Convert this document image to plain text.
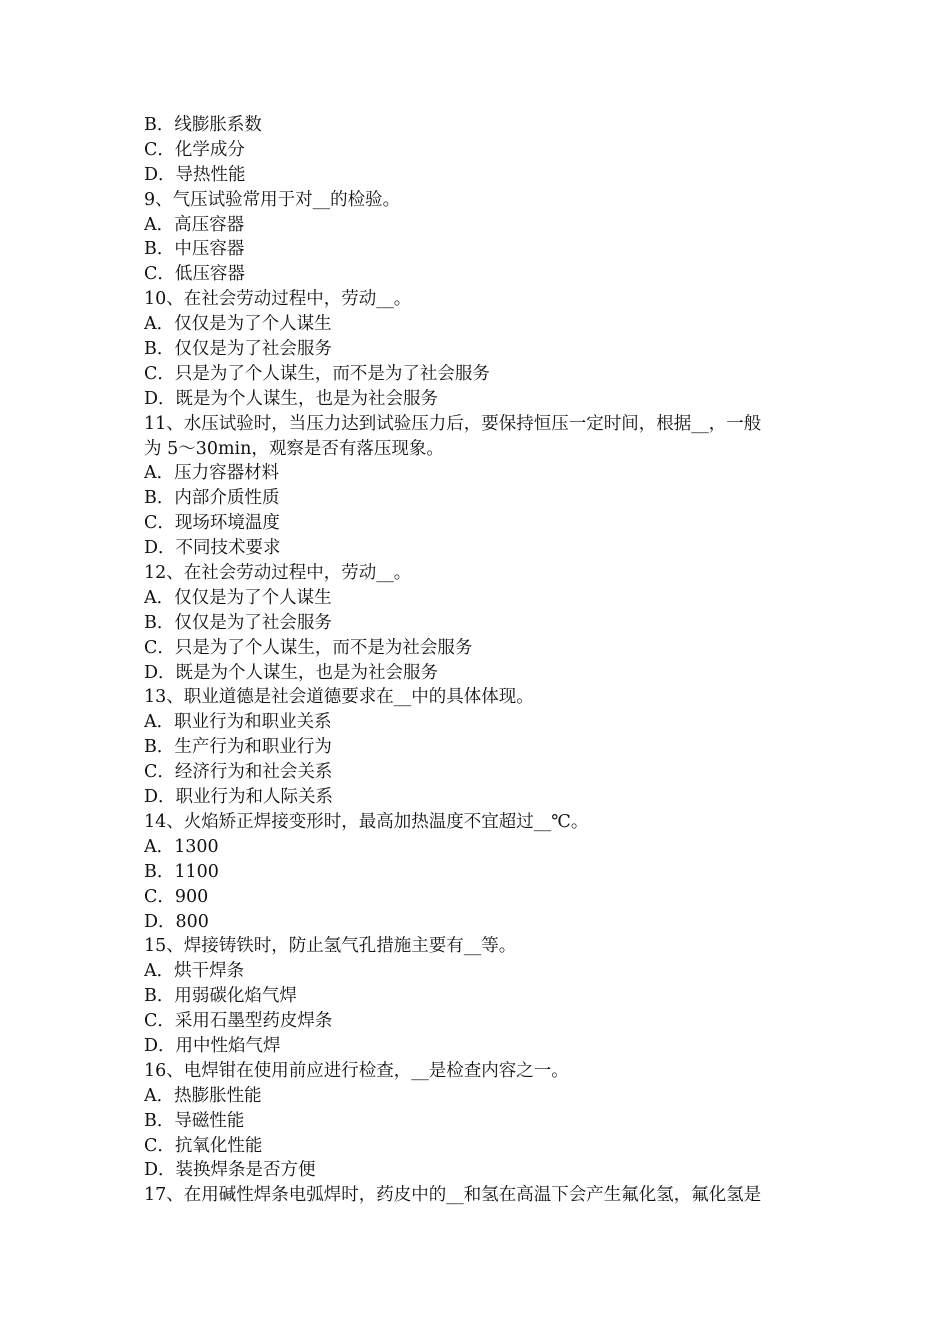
B．线膨胀系数
C．化学成分
D．导热性能
9、气压试验常用于对__的检验。
A．高压容器
B．中压容器
C．低压容器
10、在社会劳动过程中，劳动__。
A．仅仅是为了个人谋生
B．仅仅是为了社会服务
C．只是为了个人谋生，而不是为了社会服务
D．既是为个人谋生，也是为社会服务
11、水压试验时，当压力达到试验压力后，要保持恒压一定时间，根据__，一般
为 5～30min，观察是否有落压现象。
A．压力容器材料
B．内部介质性质
C．现场环境温度
D．不同技术要求
12、在社会劳动过程中，劳动__。
A．仅仅是为了个人谋生
B．仅仅是为了社会服务
C．只是为了个人谋生，而不是为社会服务
D．既是为个人谋生，也是为社会服务
13、职业道德是社会道德要求在__中的具体体现。
A．职业行为和职业关系
B．生产行为和职业行为
C．经济行为和社会关系
D．职业行为和人际关系
14、火焰矫正焊接变形时，最高加热温度不宜超过__℃。
A．1300
B．1100
C．900
D．800
15、焊接铸铁时，防止氢气孔措施主要有__等。
A．烘干焊条
B．用弱碳化焰气焊
C．采用石墨型药皮焊条
D．用中性焰气焊
16、电焊钳在使用前应进行检查，__是检查内容之一。
A．热膨胀性能
B．导磁性能
C．抗氧化性能
D．装换焊条是否方便
17、在用碱性焊条电弧焊时，药皮中的__和氢在高温下会产生氟化氢，氟化氢是
